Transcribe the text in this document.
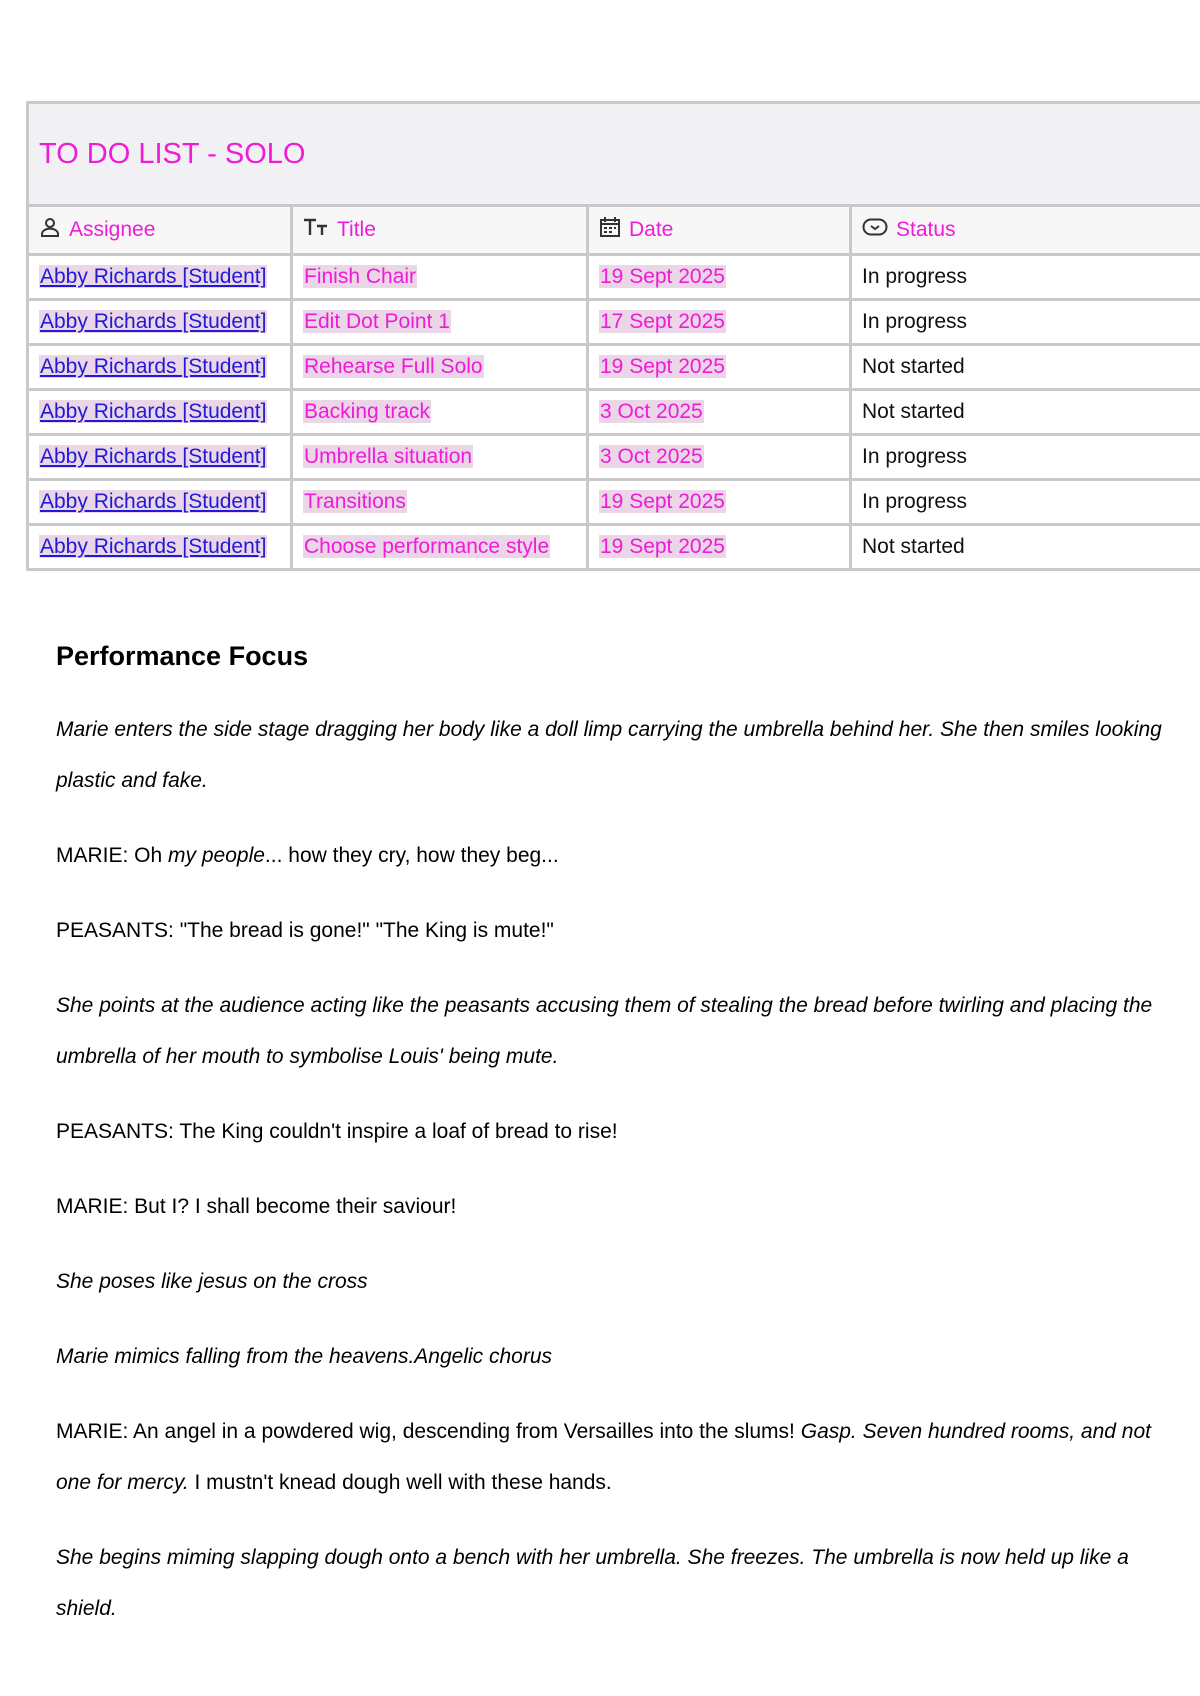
TO DO LIST - SOLO			
Assignee	Title	Date	Status
Abby Richards [Student]	Finish Chair	19 Sept 2025	In progress
Abby Richards [Student]	Edit Dot Point 1	17 Sept 2025	In progress
Abby Richards [Student]	Rehearse Full Solo	19 Sept 2025	Not started
Abby Richards [Student]	Backing track	3 Oct 2025	Not started
Abby Richards [Student]	Umbrella situation	3 Oct 2025	In progress
Abby Richards [Student]	Transitions	19 Sept 2025	In progress
Abby Richards [Student]	Choose performance style	19 Sept 2025	Not started
Performance Focus

Marie enters the side stage dragging her body like a doll limp carrying the umbrella behind her. She then smiles looking plastic and fake.

MARIE: Oh my people... how they cry, how they beg...

PEASANTS: "The bread is gone!" "The King is mute!"

She points at the audience acting like the peasants accusing them of stealing the bread before twirling and placing the umbrella of her mouth to symbolise Louis' being mute.

PEASANTS: The King couldn't inspire a loaf of bread to rise!

MARIE: But I? I shall become their saviour!

She poses like jesus on the cross

Marie mimics falling from the heavens.Angelic chorus

MARIE: An angel in a powdered wig, descending from Versailles into the slums! Gasp. Seven hundred rooms, and not one for mercy. I mustn't knead dough well with these hands.

She begins miming slapping dough onto a bench with her umbrella. She freezes. The umbrella is now held up like a shield.
